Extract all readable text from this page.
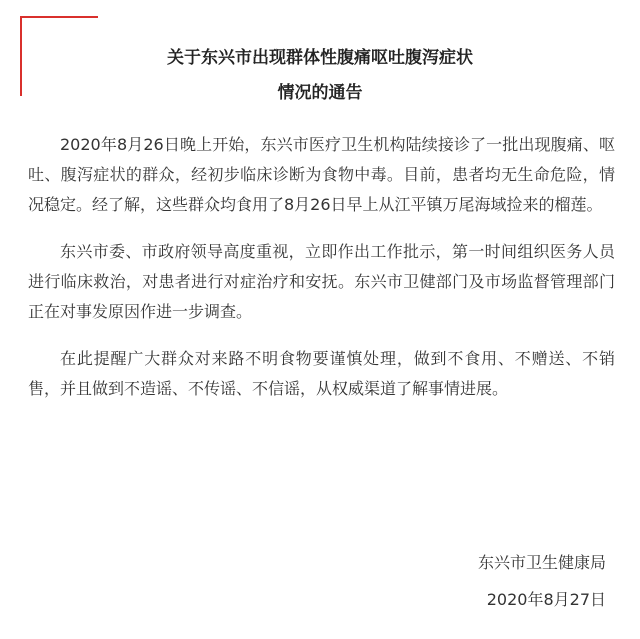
关于东兴市出现群体性腹痛呕吐腹泻症状
情况的通告

2020年8月26日晚上开始，东兴市医疗卫生机构陆续接诊了一批出现腹痛、呕吐、腹泻症状的群众，经初步临床诊断为食物中毒。目前，患者均无生命危险，情况稳定。经了解，这些群众均食用了8月26日早上从江平镇万尾海域捡来的榴莲。

东兴市委、市政府领导高度重视，立即作出工作批示，第一时间组织医务人员进行临床救治，对患者进行对症治疗和安抚。东兴市卫健部门及市场监督管理部门正在对事发原因作进一步调查。

在此提醒广大群众对来路不明食物要谨慎处理，做到不食用、不赠送、不销售，并且做到不造谣、不传谣、不信谣，从权威渠道了解事情进展。

东兴市卫生健康局
2020年8月27日
